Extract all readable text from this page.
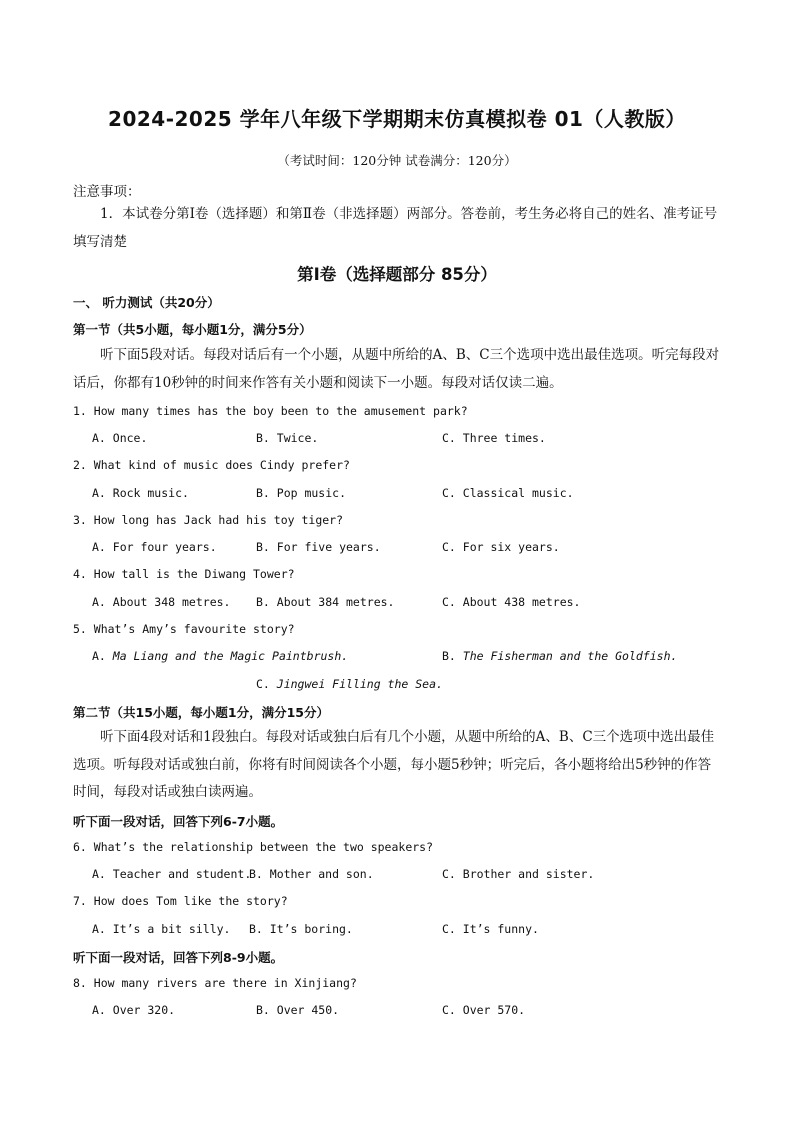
2024-2025 学年八年级下学期期末仿真模拟卷 01（人教版）
（考试时间：120分钟 试卷满分：120分）
注意事项：
1．本试卷分第Ⅰ卷（选择题）和第Ⅱ卷（非选择题）两部分。答卷前，考生务必将自己的姓名、准考证号填写清楚
第Ⅰ卷（选择题部分 85分）
一、 听力测试（共20分）
第一节（共5小题，每小题1分，满分5分）
听下面5段对话。每段对话后有一个小题，从题中所给的A、B、C三个选项中选出最佳选项。听完每段对话后，你都有10秒钟的时间来作答有关小题和阅读下一小题。每段对话仅读二遍。
1. How many times has the boy been to the amusement park?
A. Once.	B. Twice.	C. Three times.
2. What kind of music does Cindy prefer?
A. Rock music.	B. Pop music.	C. Classical music.
3. How long has Jack had his toy tiger?
A. For four years.	B. For five years.	C. For six years.
4. How tall is the Diwang Tower?
A. About 348 metres. B. About 384 metres.	C. About 438 metres.
5. What’s Amy’s favourite story?
A. Ma Liang and the Magic Paintbrush.	B. The Fisherman and the Goldfish.
C. Jingwei Filling the Sea.
第二节（共15小题，每小题1分，满分15分）
听下面4段对话和1段独白。每段对话或独白后有几个小题，从题中所给的A、B、C三个选项中选出最佳选项。听每段对话或独白前，你将有时间阅读各个小题，每小题5秒钟；听完后，各小题将给出5秒钟的作答时间，每段对话或独白读两遍。
听下面一段对话，回答下列6-7小题。
6. What’s the relationship between the two speakers?
A. Teacher and student.
B. Mother and son.	C. Brother and sister.
7. How does Tom like the story?
A. It’s a bit silly. B. It’s boring.	C. It’s funny.
听下面一段对话，回答下列8-9小题。
8. How many rivers are there in Xinjiang?
A. Over 320.	B. Over 450.	C. Over 570.
